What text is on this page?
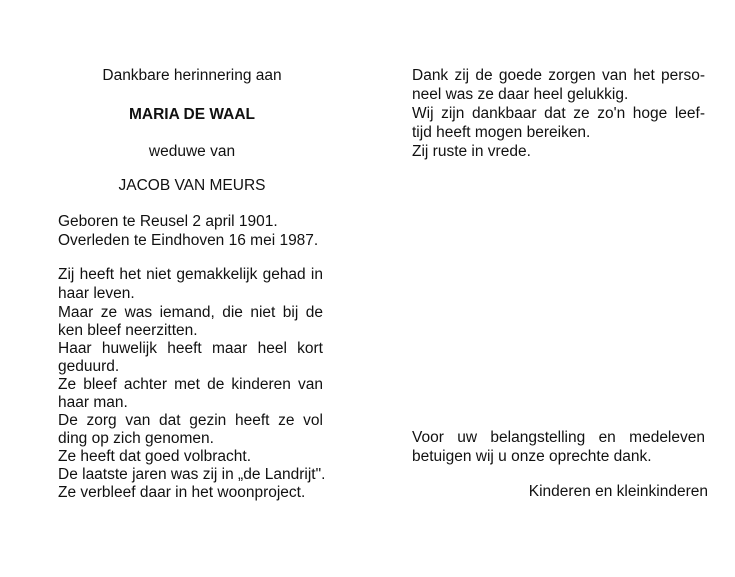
Dankbare herinnering aan
MARIA DE WAAL
weduwe van
JACOB VAN MEURS
Geboren te Reusel 2 april 1901.
Overleden te Eindhoven 16 mei 1987.
Zij heeft het niet gemakkelijk gehad in
haar leven.
Maar ze was iemand, die niet bij de
ken bleef neerzitten.
Haar huwelijk heeft maar heel kort
geduurd.
Ze bleef achter met de kinderen van
haar man.
De zorg van dat gezin heeft ze vol
ding op zich genomen.
Ze heeft dat goed volbracht.
De laatste jaren was zij in „de Landrijt".
Ze verbleef daar in het woonproject.
Dank zij de goede zorgen van het perso-
neel was ze daar heel gelukkig.
Wij zijn dankbaar dat ze zo'n hoge leef-
tijd heeft mogen bereiken.
Zij ruste in vrede.
Voor uw belangstelling en medeleven
betuigen wij u onze oprechte dank.
Kinderen en kleinkinderen
